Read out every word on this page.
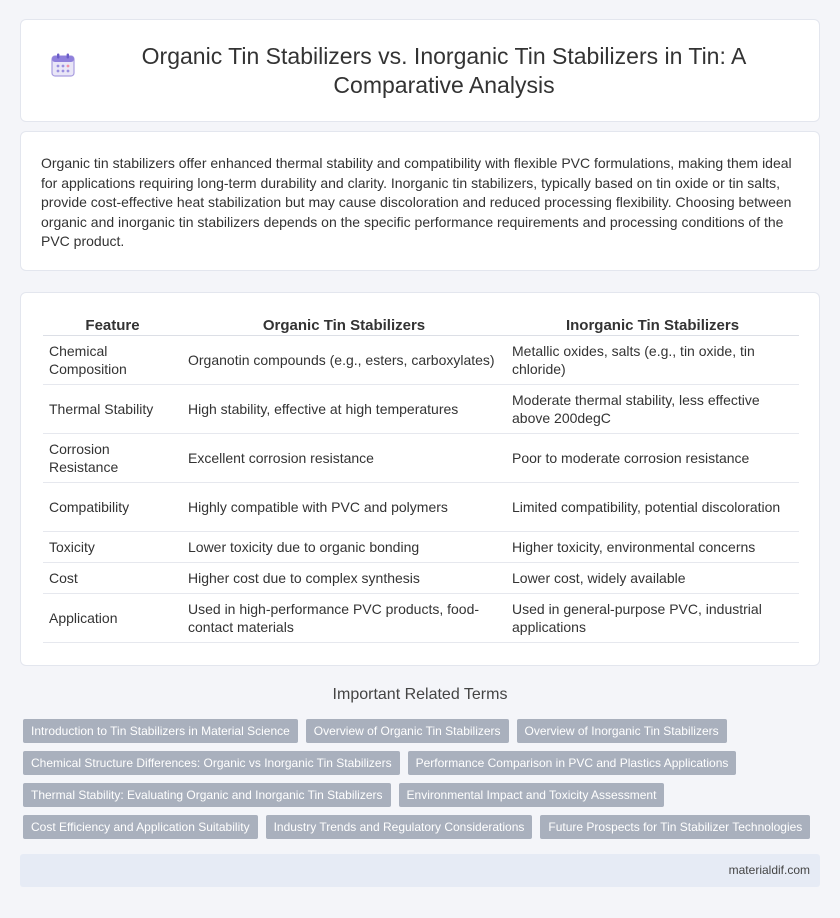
Organic Tin Stabilizers vs. Inorganic Tin Stabilizers in Tin: A Comparative Analysis

Organic tin stabilizers offer enhanced thermal stability and compatibility with flexible PVC formulations, making them ideal for applications requiring long-term durability and clarity. Inorganic tin stabilizers, typically based on tin oxide or tin salts, provide cost-effective heat stabilization but may cause discoloration and reduced processing flexibility. Choosing between organic and inorganic tin stabilizers depends on the specific performance requirements and processing conditions of the PVC product.

Feature	Organic Tin Stabilizers	Inorganic Tin Stabilizers
Chemical Composition	Organotin compounds (e.g., esters, carboxylates)	Metallic oxides, salts (e.g., tin oxide, tin chloride)
Thermal Stability	High stability, effective at high temperatures	Moderate thermal stability, less effective above 200degC
Corrosion Resistance	Excellent corrosion resistance	Poor to moderate corrosion resistance
Compatibility	Highly compatible with PVC and polymers	Limited compatibility, potential discoloration
Toxicity	Lower toxicity due to organic bonding	Higher toxicity, environmental concerns
Cost	Higher cost due to complex synthesis	Lower cost, widely available
Application	Used in high-performance PVC products, food-contact materials	Used in general-purpose PVC, industrial applications
Important Related Terms
Introduction to Tin Stabilizers in Material Science	Overview of Organic Tin Stabilizers	Overview of Inorganic Tin Stabilizers
Chemical Structure Differences: Organic vs Inorganic Tin Stabilizers	Performance Comparison in PVC and Plastics Applications
Thermal Stability: Evaluating Organic and Inorganic Tin Stabilizers	Environmental Impact and Toxicity Assessment
Cost Efficiency and Application Suitability	Industry Trends and Regulatory Considerations	Future Prospects for Tin Stabilizer Technologies
materialdif.com
